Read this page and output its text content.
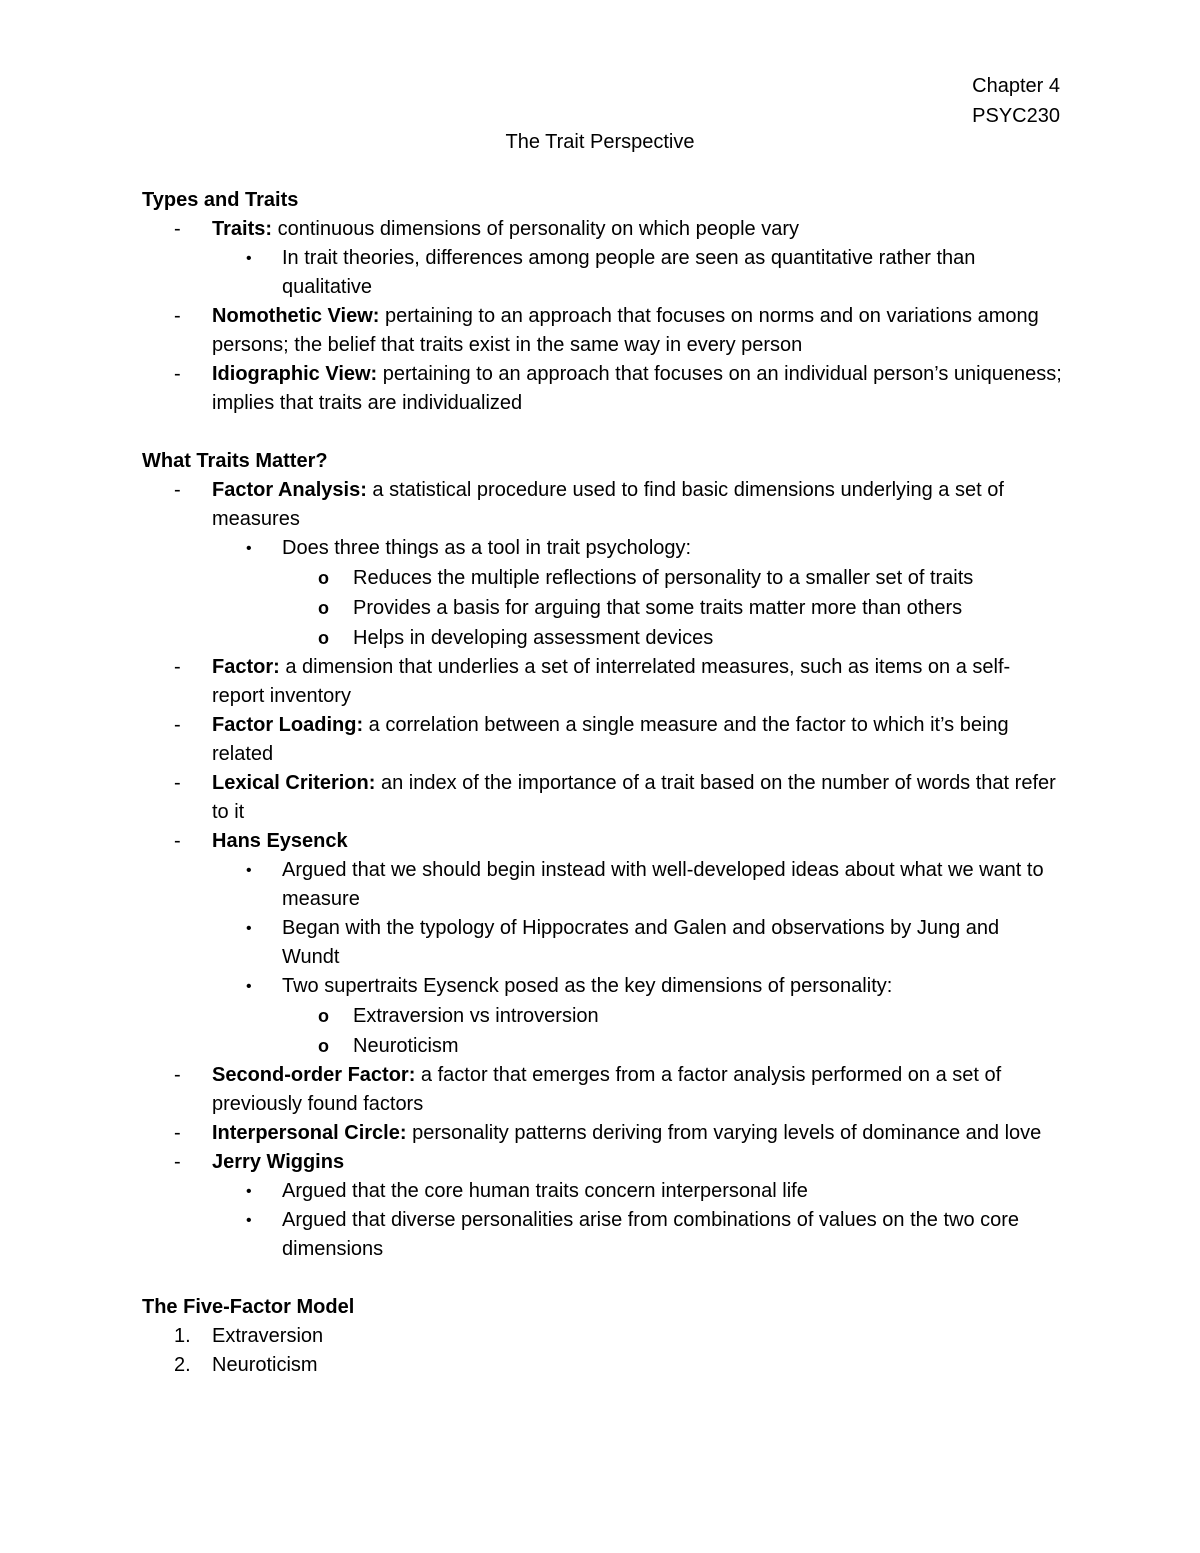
Chapter 4
PSYC230
The Trait Perspective
Types and Traits
- Traits: continuous dimensions of personality on which people vary
• In trait theories, differences among people are seen as quantitative rather than qualitative
- Nomothetic View: pertaining to an approach that focuses on norms and on variations among persons; the belief that traits exist in the same way in every person
- Idiographic View: pertaining to an approach that focuses on an individual person’s uniqueness; implies that traits are individualized
What Traits Matter?
- Factor Analysis: a statistical procedure used to find basic dimensions underlying a set of measures
• Does three things as a tool in trait psychology:
o Reduces the multiple reflections of personality to a smaller set of traits
o Provides a basis for arguing that some traits matter more than others
o Helps in developing assessment devices
- Factor: a dimension that underlies a set of interrelated measures, such as items on a self-report inventory
- Factor Loading: a correlation between a single measure and the factor to which it’s being related
- Lexical Criterion: an index of the importance of a trait based on the number of words that refer to it
- Hans Eysenck
• Argued that we should begin instead with well-developed ideas about what we want to measure
• Began with the typology of Hippocrates and Galen and observations by Jung and Wundt
• Two supertraits Eysenck posed as the key dimensions of personality:
o Extraversion vs introversion
o Neuroticism
- Second-order Factor: a factor that emerges from a factor analysis performed on a set of previously found factors
- Interpersonal Circle: personality patterns deriving from varying levels of dominance and love
- Jerry Wiggins
• Argued that the core human traits concern interpersonal life
• Argued that diverse personalities arise from combinations of values on the two core dimensions
The Five-Factor Model
1. Extraversion
2. Neuroticism
